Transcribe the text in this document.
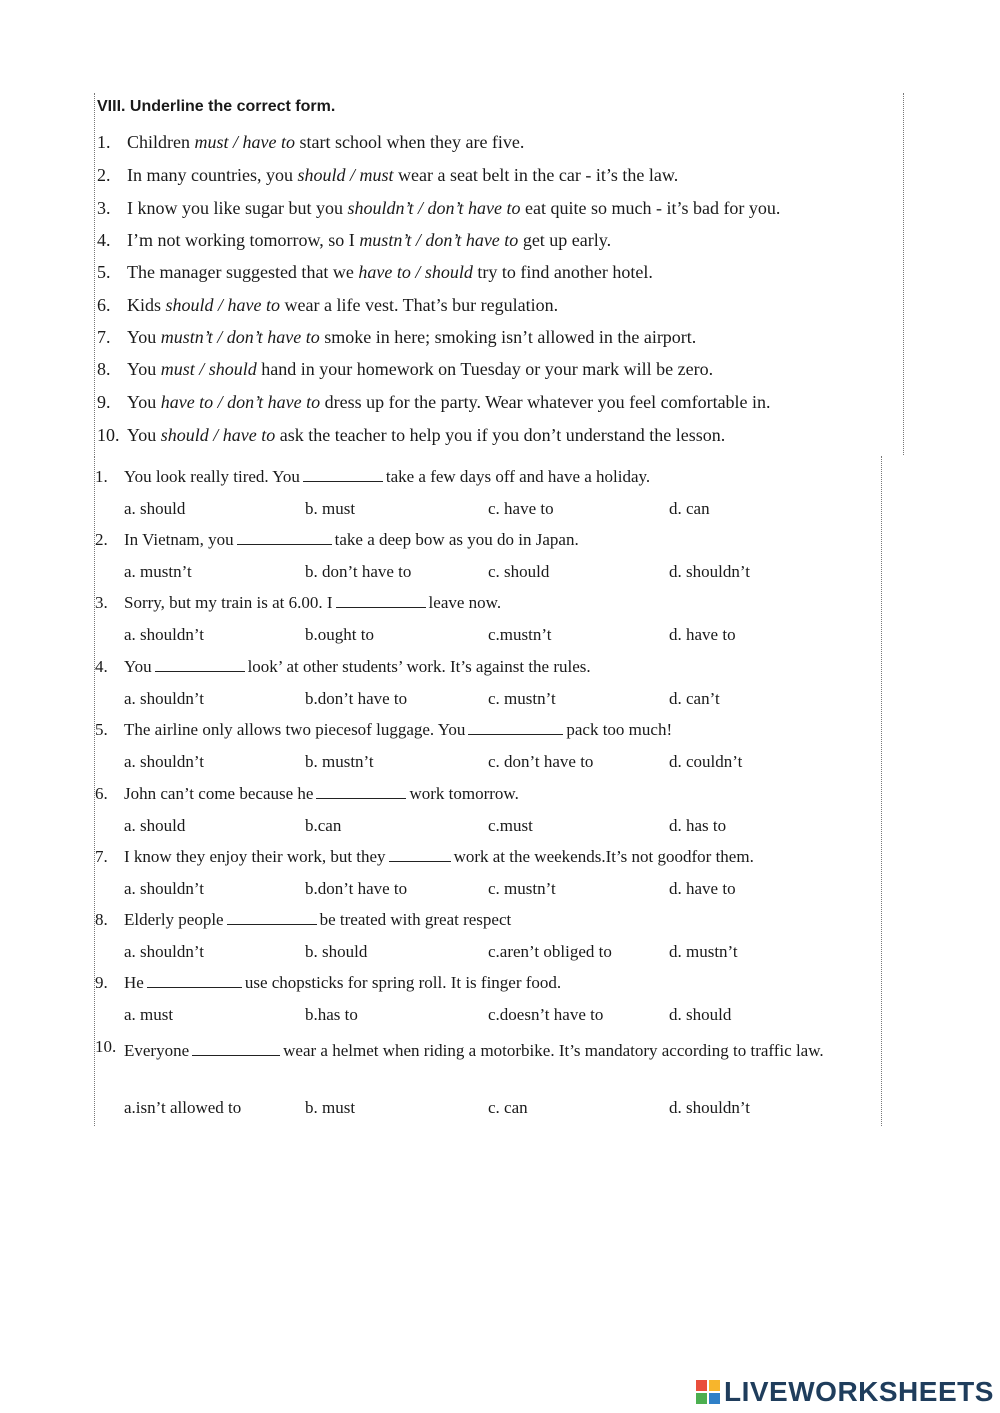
VIII. Underline the correct form.
1. Children must / have to start school when they are five.
2. In many countries, you should / must wear a seat belt in the car - it’s the law.
3. I know you like sugar but you shouldn’t / don’t have to eat quite so much - it’s bad for you.
4. I’m not working tomorrow, so I mustn’t / don’t have to get up early.
5. The manager suggested that we have to / should try to find another hotel.
6. Kids should / have to wear a life vest. That’s bur regulation.
7. You mustn’t / don’t have to smoke in here; smoking isn’t allowed in the airport.
8. You must / should hand in your homework on Tuesday or your mark will be zero.
9. You have to / don’t have to dress up for the party. Wear whatever you feel comfortable in.
10. You should / have to ask the teacher to help you if you don’t understand the lesson.
1. You look really tired. You	take a few days off and have a holiday.
a. should	b. must	c. have to	d. can
2. In Vietnam, you	take a deep bow as you do in Japan.
a. mustn’t	b. don’t have to	c. should	d. shouldn’t
3. Sorry, but my train is at 6.00. I	leave now.
a. shouldn’t	b.ought to	c.mustn’t	d. have to
4. You	look’ at other students’ work. It’s against the rules.
a. shouldn’t	b.don’t have to	c. mustn’t	d. can’t
5. The airline only allows two piecesof luggage. You	pack too much!
a. shouldn’t	b. mustn’t	c. don’t have to	d. couldn’t
6. John can’t come because he	work tomorrow.
a. should	b.can	c.must	d. has to
7. I know they enjoy their work, but they	work at the weekends.It’s not goodfor them.
a. shouldn’t	b.don’t have to	c. mustn’t	d. have to
8. Elderly people	be treated with great respect
a. shouldn’t	b. should	c.aren’t obliged to	d. mustn’t
9. He	use chopsticks for spring roll. It is finger food.
a. must	b.has to	c.doesn’t have to	d. should
10. Everyone	wear a helmet when riding a motorbike. It’s mandatory according to traffic law.
a.isn’t allowed to	b. must	c. can	d. shouldn’t
LIVEWORKSHEETS
